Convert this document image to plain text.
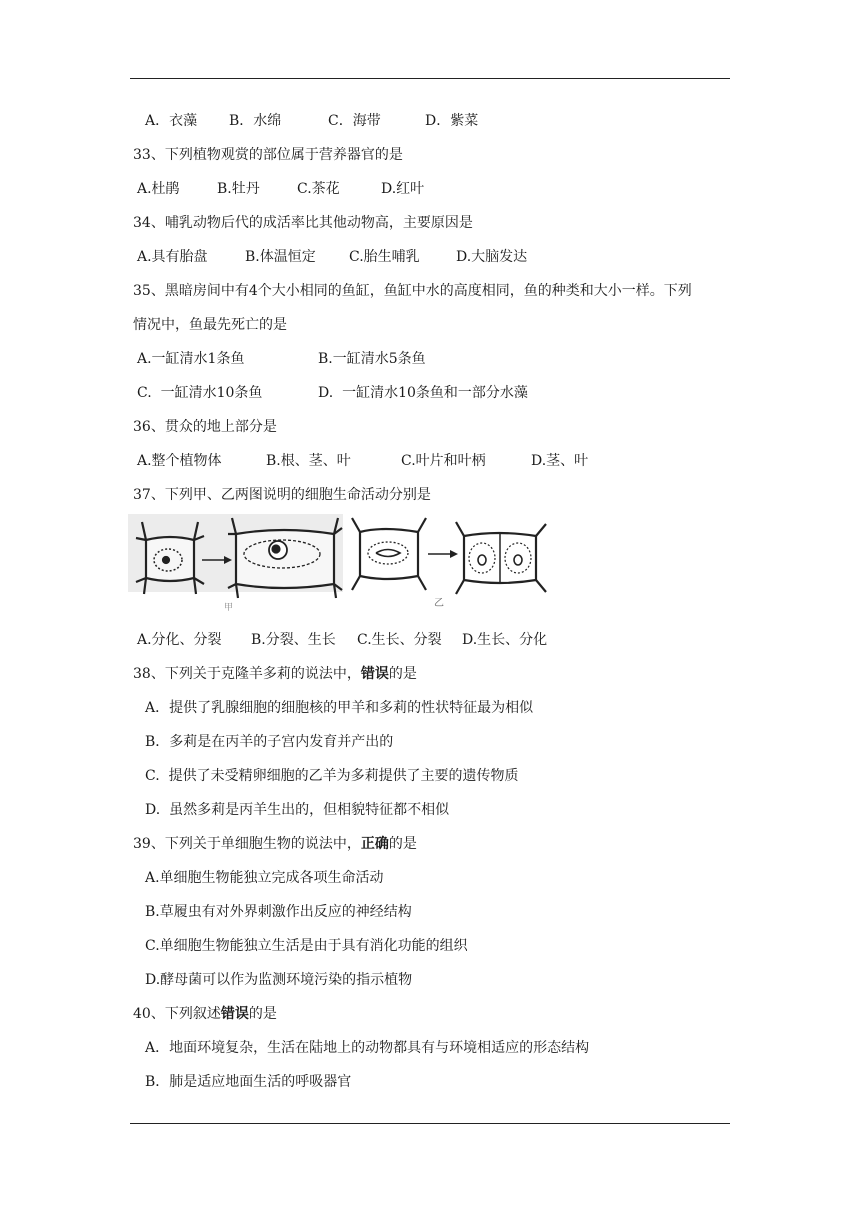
A．衣藻 B．水绵	C．海带	D．紫菜
33、下列植物观赏的部位属于营养器官的是
A.杜鹃	B.牡丹	C.茶花	D.红叶
34、哺乳动物后代的成活率比其他动物高，主要原因是
A.具有胎盘	B.体温恒定 C.胎生哺乳	D.大脑发达
35、黑暗房间中有4个大小相同的鱼缸，鱼缸中水的高度相同，鱼的种类和大小一样。下列
情况中，鱼最先死亡的是
A.一缸清水1条鱼	B.一缸清水5条鱼
C.  一缸清水10条鱼	D.  一缸清水10条鱼和一部分水藻
36、贯众的地上部分是
A.整个植物体	B.根、茎、叶	C.叶片和叶柄	D.茎、叶
37、下列甲、乙两图说明的细胞生命活动分别是
甲	乙
A.分化、分裂 B.分裂、生长 C.生长、分裂 D.生长、分化
38、下列关于克隆羊多莉的说法中，错误的是
A．提供了乳腺细胞的细胞核的甲羊和多莉的性状特征最为相似
B．多莉是在丙羊的子宫内发育并产出的
C.  提供了未受精卵细胞的乙羊为多莉提供了主要的遗传物质
D.  虽然多莉是丙羊生出的，但相貌特征都不相似
39、下列关于单细胞生物的说法中，正确的是
A.单细胞生物能独立完成各项生命活动
B.草履虫有对外界刺激作出反应的神经结构
C.单细胞生物能独立生活是由于具有消化功能的组织
D.酵母菌可以作为监测环境污染的指示植物
40、下列叙述错误的是
A．地面环境复杂，生活在陆地上的动物都具有与环境相适应的形态结构
B．肺是适应地面生活的呼吸器官
